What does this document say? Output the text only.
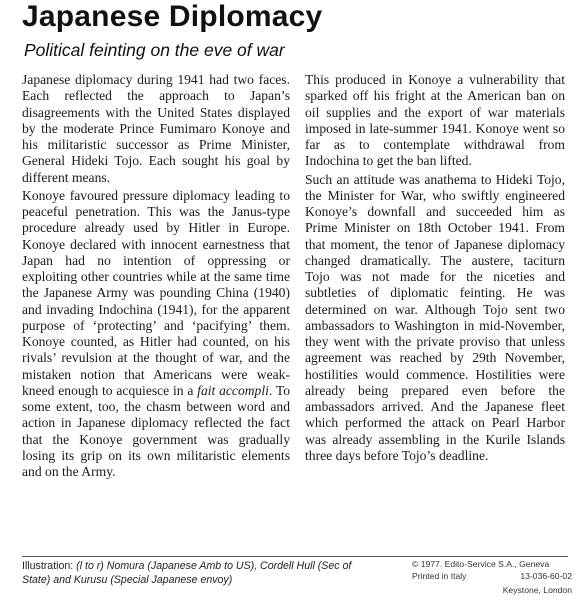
Japanese Diplomacy
Political feinting on the eve of war

Japanese diplomacy during 1941 had two faces. Each reflected the approach to Japan’s disagreements with the United States displayed by the moderate Prince Fumimaro Konoye and his militaristic successor as Prime Minister, General Hideki Tojo. Each sought his goal by different means.

Konoye favoured pressure diplomacy leading to peaceful penetration. This was the Janus-type procedure already used by Hitler in Europe. Konoye declared with innocent earnestness that Japan had no intention of oppressing or exploiting other countries while at the same time the Japanese Army was pounding China (1940) and invading Indochina (1941), for the apparent purpose of ‘protecting’ and ‘pacifying’ them. Konoye counted, as Hitler had counted, on his rivals’ revulsion at the thought of war, and the mistaken notion that Americans were weak-kneed enough to acquiesce in a fait accompli. To some extent, too, the chasm between word and action in Japanese diplomacy reflected the fact that the Konoye government was gradually losing its grip on its own militaristic elements and on the Army.

This produced in Konoye a vulnerability that sparked off his fright at the American ban on oil supplies and the export of war materials imposed in late-summer 1941. Konoye went so far as to contemplate withdrawal from Indochina to get the ban lifted.

Such an attitude was anathema to Hideki Tojo, the Minister for War, who swiftly engineered Konoye’s downfall and succeeded him as Prime Minister on 18th October 1941. From that moment, the tenor of Japanese diplomacy changed dramatically. The austere, taciturn Tojo was not made for the niceties and subtleties of diplomatic feinting. He was determined on war. Although Tojo sent two ambassadors to Washington in mid-November, they went with the private proviso that unless agreement was reached by 29th November, hostilities would commence. Hostilities were already being prepared even before the ambassadors arrived. And the Japanese fleet which performed the attack on Pearl Harbor was already assembling in the Kurile Islands three days before Tojo’s deadline.

Illustration: (l to r) Nomura (Japanese Amb to US), Cordell Hull (Sec of State) and Kurusu (Special Japanese envoy)
© 1977. Edito-Service S.A., Geneva
Printed in Italy	13-036-60-02
Keystone, London
